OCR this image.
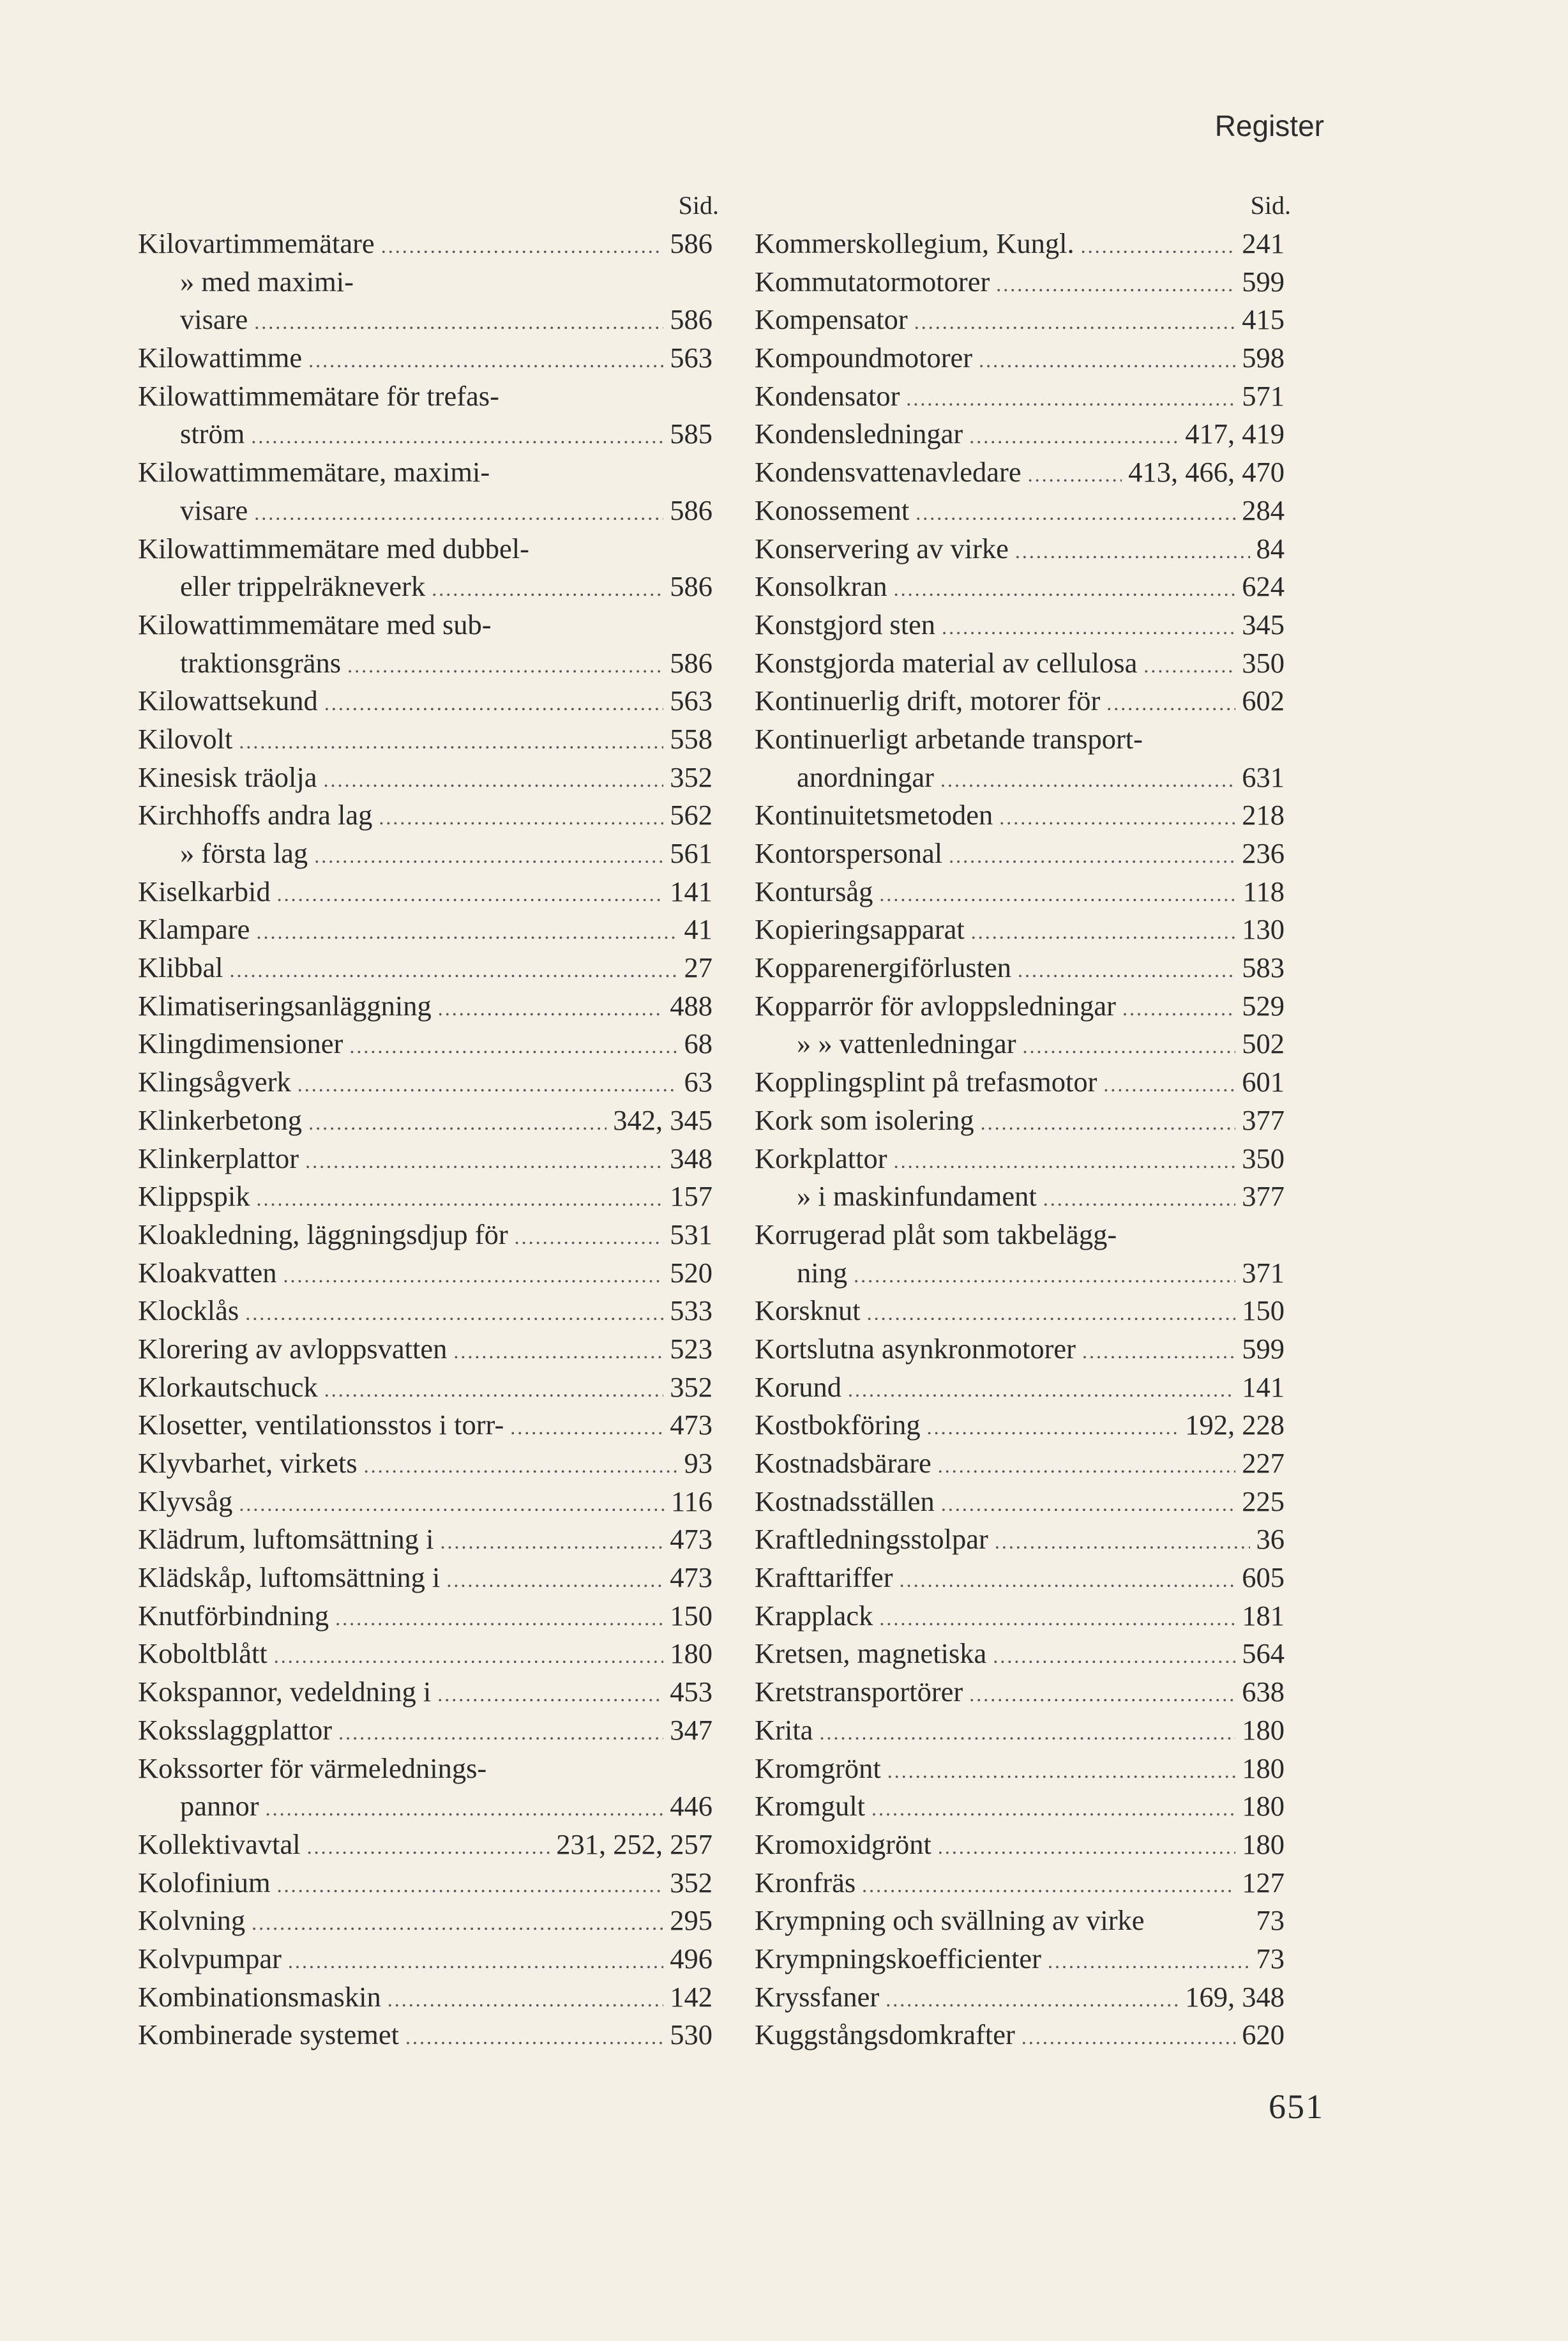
Register
Sid.
Kilovartimmemätare .....	586
» med maximi-
visare .....	586
Kilowattimme .....	563
Kilowattimmemätare för trefas-
ström .....	585
Kilowattimmemätare, maximi-
visare .....	586
Kilowattimmemätare med dubbel-
eller trippelräkneverk .....	586
Kilowattimmemätare med sub-
traktionsgräns .....	586
Kilowattsekund .....	563
Kilovolt .....	558
Kinesisk träolja .....	352
Kirchhoffs andra lag .....	562
» första lag .....	561
Kiselkarbid .....	141
Klampare .....	41
Klibbal .....	27
Klimatiseringsanläggning .....	488
Klingdimensioner .....	68
Klingsågverk .....	63
Klinkerbetong .....	342, 345
Klinkerplattor .....	348
Klippspik .....	157
Kloakledning, läggningsdjup för .....	531
Kloakvatten .....	520
Klocklås .....	533
Klorering av avloppsvatten .....	523
Klorkautschuck .....	352
Klosetter, ventilationsstos i torr- .....	473
Klyvbarhet, virkets .....	93
Klyvsåg .....	116
Klädrum, luftomsättning i .....	473
Klädskåp, luftomsättning i .....	473
Knutförbindning .....	150
Koboltblått .....	180
Kokspannor, vedeldning i .....	453
Koksslaggplattor .....	347
Kokssorter för värmelednings-
pannor .....	446
Kollektivavtal .....	231, 252, 257
Kolofinium .....	352
Kolvning .....	295
Kolvpumpar .....	496
Kombinationsmaskin .....	142
Kombinerade systemet .....	530
Sid.
Kommerskollegium, Kungl. .....	241
Kommutatormotorer .....	599
Kompensator .....	415
Kompoundmotorer .....	598
Kondensator .....	571
Kondensledningar .....	417, 419
Kondensvattenavledare .....	413, 466, 470
Konossement .....	284
Konservering av virke .....	84
Konsolkran .....	624
Konstgjord sten .....	345
Konstgjorda material av cellulosa .....	350
Kontinuerlig drift, motorer för .....	602
Kontinuerligt arbetande transport-
anordningar .....	631
Kontinuitetsmetoden .....	218
Kontorspersonal .....	236
Kontursåg .....	118
Kopieringsapparat .....	130
Kopparenergiförlusten .....	583
Kopparrör för avloppsledningar .....	529
» » vattenledningar .....	502
Kopplingsplint på trefasmotor .....	601
Kork som isolering .....	377
Korkplattor .....	350
» i maskinfundament .....	377
Korrugerad plåt som takbelägg-
ning .....	371
Korsknut .....	150
Kortslutna asynkronmotorer .....	599
Korund .....	141
Kostbokföring .....	192, 228
Kostnadsbärare .....	227
Kostnadsställen .....	225
Kraftledningsstolpar .....	36
Krafttariffer .....	605
Krapplack .....	181
Kretsen, magnetiska .....	564
Kretstransportörer .....	638
Krita .....	180
Kromgrönt .....	180
Kromgult .....	180
Kromoxidgrönt .....	180
Kronfräs .....	127
Krympning och svällning av virke	73
Krympningskoefficienter .....	73
Kryssfaner .....	169, 348
Kuggstångsdomkrafter .....	620
651
